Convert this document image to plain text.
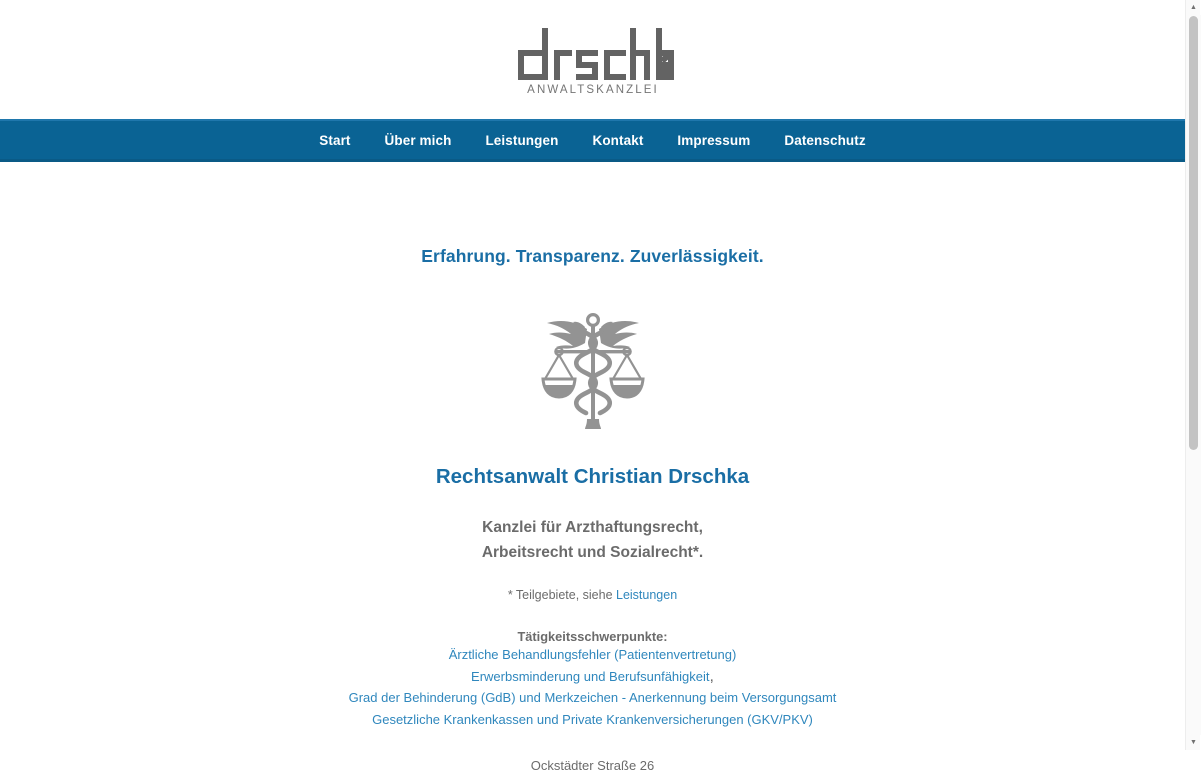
ANWALTSKANZLEI
Start	Über mich	Leistungen	Kontakt	Impressum	Datenschutz
Erfahrung. Transparenz. Zuverlässigkeit.
Rechtsanwalt Christian Drschka

Kanzlei für Arzthaftungsrecht,
Arbeitsrecht und Sozialrecht*.

* Teilgebiete, siehe Leistungen

Tätigkeitsschwerpunkte:

Ärztliche Behandlungsfehler (Patientenvertretung)
Erwerbsminderung und Berufsunfähigkeit,
Grad der Behinderung (GdB) und Merkzeichen - Anerkennung beim Versorgungsamt
Gesetzliche Krankenkassen und Private Krankenversicherungen (GKV/PKV)

Ockstädter Straße 26

▲
▼
